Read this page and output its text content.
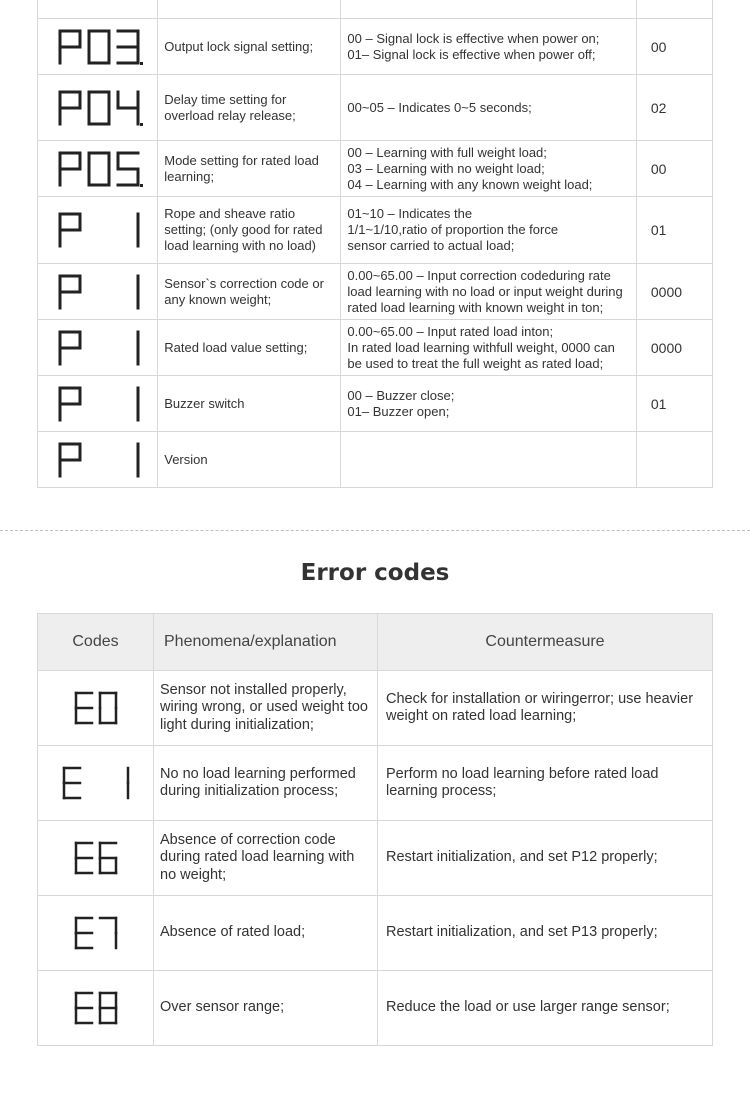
	Output lock signal setting;	00 – Signal lock is effective when power on;
01– Signal lock is effective when power off;	00

	Delay time setting for overload relay release;	00~05 – Indicates 0~5 seconds;	02

	Mode setting for rated load learning;	00 – Learning with full weight load;
03 – Learning with no weight load;
04 – Learning with any known weight load;	00

	Rope and sheave ratio setting; (only good for rated load learning with no load)	01~10 – Indicates the
1/1~1/10,ratio of proportion the force
sensor carried to actual load;	01

	Sensor`s correction code or any known weight;	0.00~65.00 – Input correction codeduring rate load learning with no load or input weight during rated load learning with known weight in ton;	0000

	Rated load value setting;	0.00~65.00 – Input rated load inton;
In rated load learning withfull weight, 0000 can be used to treat the full weight as rated load;	0000

	Buzzer switch	00 – Buzzer close;
01– Buzzer open;	01

	Version		
Error codes
Codes	Phenomena/explanation	Countermeasure

	Sensor not installed properly, wiring wrong, or used weight too light during initialization;	Check for installation or wiringerror; use heavier weight on rated load learning;

	No no load learning performed during initialization process;	Perform no load learning before rated load learning process;

	Absence of correction code during rated load learning with no weight;	Restart initialization, and set P12 properly;

	Absence of rated load;	Restart initialization, and set P13 properly;

	Over sensor range;	Reduce the load or use larger range sensor;
